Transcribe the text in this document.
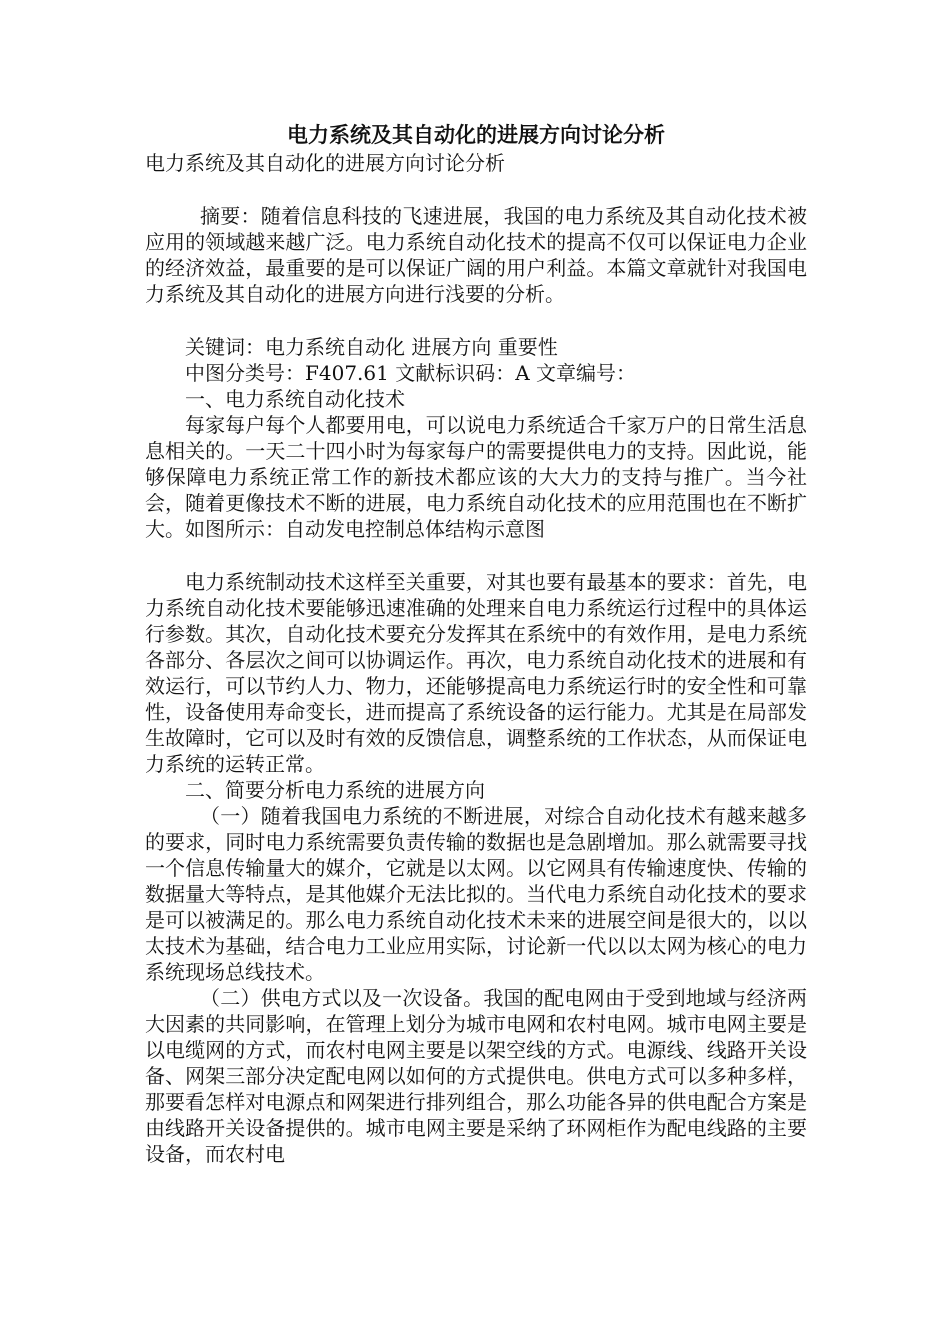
电力系统及其自动化的进展方向讨论分析

电力系统及其自动化的进展方向讨论分析

摘要：随着信息科技的飞速进展，我国的电力系统及其自动化技术被应用的领域越来越广泛。电力系统自动化技术的提高不仅可以保证电力企业的经济效益，最重要的是可以保证广阔的用户利益。本篇文章就针对我国电力系统及其自动化的进展方向进行浅要的分析。

关键词：电力系统自动化 进展方向 重要性

中图分类号：F407.61 文献标识码：A 文章编号：

一、电力系统自动化技术

每家每户每个人都要用电，可以说电力系统适合千家万户的日常生活息息相关的。一天二十四小时为每家每户的需要提供电力的支持。因此说，能够保障电力系统正常工作的新技术都应该的大大力的支持与推广。当今社会，随着更像技术不断的进展，电力系统自动化技术的应用范围也在不断扩大。如图所示：自动发电控制总体结构示意图

电力系统制动技术这样至关重要，对其也要有最基本的要求：首先，电力系统自动化技术要能够迅速准确的处理来自电力系统运行过程中的具体运行参数。其次，自动化技术要充分发挥其在系统中的有效作用，是电力系统各部分、各层次之间可以协调运作。再次，电力系统自动化技术的进展和有效运行，可以节约人力、物力，还能够提高电力系统运行时的安全性和可靠性，设备使用寿命变长，进而提高了系统设备的运行能力。尤其是在局部发生故障时，它可以及时有效的反馈信息，调整系统的工作状态，从而保证电力系统的运转正常。

二、简要分析电力系统的进展方向

（一）随着我国电力系统的不断进展，对综合自动化技术有越来越多的要求，同时电力系统需要负责传输的数据也是急剧增加。那么就需要寻找一个信息传输量大的媒介，它就是以太网。以它网具有传输速度快、传输的数据量大等特点，是其他媒介无法比拟的。当代电力系统自动化技术的要求是可以被满足的。那么电力系统自动化技术未来的进展空间是很大的，以以太技术为基础，结合电力工业应用实际，讨论新一代以以太网为核心的电力系统现场总线技术。

（二）供电方式以及一次设备。我国的配电网由于受到地域与经济两大因素的共同影响，在管理上划分为城市电网和农村电网。城市电网主要是以电缆网的方式，而农村电网主要是以架空线的方式。电源线、线路开关设备、网架三部分决定配电网以如何的方式提供电。供电方式可以多种多样，那要看怎样对电源点和网架进行排列组合，那么功能各异的供电配合方案是由线路开关设备提供的。城市电网主要是采纳了环网柜作为配电线路的主要设备，而农村电
